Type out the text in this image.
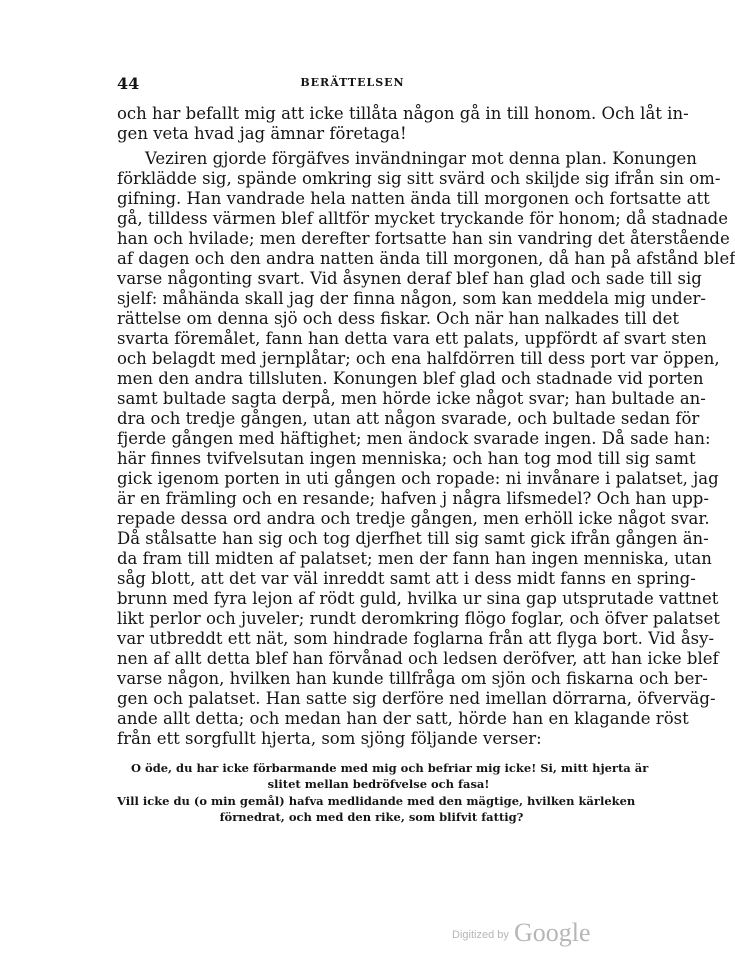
44	BERÄTTELSEN
och har befallt mig att icke tillåta någon gå in till honom. Och låt in-
gen veta hvad jag ämnar företaga!
Veziren gjorde förgäfves invändningar mot denna plan. Konungen
förklädde sig, spände omkring sig sitt svärd och skiljde sig ifrån sin om-
gifning. Han vandrade hela natten ända till morgonen och fortsatte att
gå, tilldess värmen blef alltför mycket tryckande för honom; då stadnade
han och hvilade; men derefter fortsatte han sin vandring det återstående
af dagen och den andra natten ända till morgonen, då han på afstånd blef
varse någonting svart. Vid åsynen deraf blef han glad och sade till sig
sjelf: måhända skall jag der finna någon, som kan meddela mig under-
rättelse om denna sjö och dess fiskar. Och när han nalkades till det
svarta föremålet, fann han detta vara ett palats, uppfördt af svart sten
och belagdt med jernplåtar; och ena halfdörren till dess port var öppen,
men den andra tillsluten. Konungen blef glad och stadnade vid porten
samt bultade sagta derpå, men hörde icke något svar; han bultade an-
dra och tredje gången, utan att någon svarade, och bultade sedan för
fjerde gången med häftighet; men ändock svarade ingen. Då sade han:
här finnes tvifvelsutan ingen menniska; och han tog mod till sig samt
gick igenom porten in uti gången och ropade: ni invånare i palatset, jag
är en främling och en resande; hafven j några lifsmedel? Och han upp-
repade dessa ord andra och tredje gången, men erhöll icke något svar.
Då stålsatte han sig och tog djerfhet till sig samt gick ifrån gången än-
da fram till midten af palatset; men der fann han ingen menniska, utan
såg blott, att det var väl inreddt samt att i dess midt fanns en spring-
brunn med fyra lejon af rödt guld, hvilka ur sina gap utsprutade vattnet
likt perlor och juveler; rundt deromkring flögo foglar, och öfver palatset
var utbreddt ett nät, som hindrade foglarna från att flyga bort. Vid åsy-
nen af allt detta blef han förvånad och ledsen deröfver, att han icke blef
varse någon, hvilken han kunde tillfråga om sjön och fiskarna och ber-
gen och palatset. Han satte sig derföre ned imellan dörrarna, öfverväg-
ande allt detta; och medan han der satt, hörde han en klagande röst
från ett sorgfullt hjerta, som sjöng följande verser:
O öde, du har icke förbarmande med mig och befriar mig icke! Si, mitt hjerta är
slitet mellan bedröfvelse och fasa!
Vill icke du (o min gemål) hafva medlidande med den mägtige, hvilken kärleken
förnedrat, och med den rike, som blifvit fattig?
Digitized by Google
